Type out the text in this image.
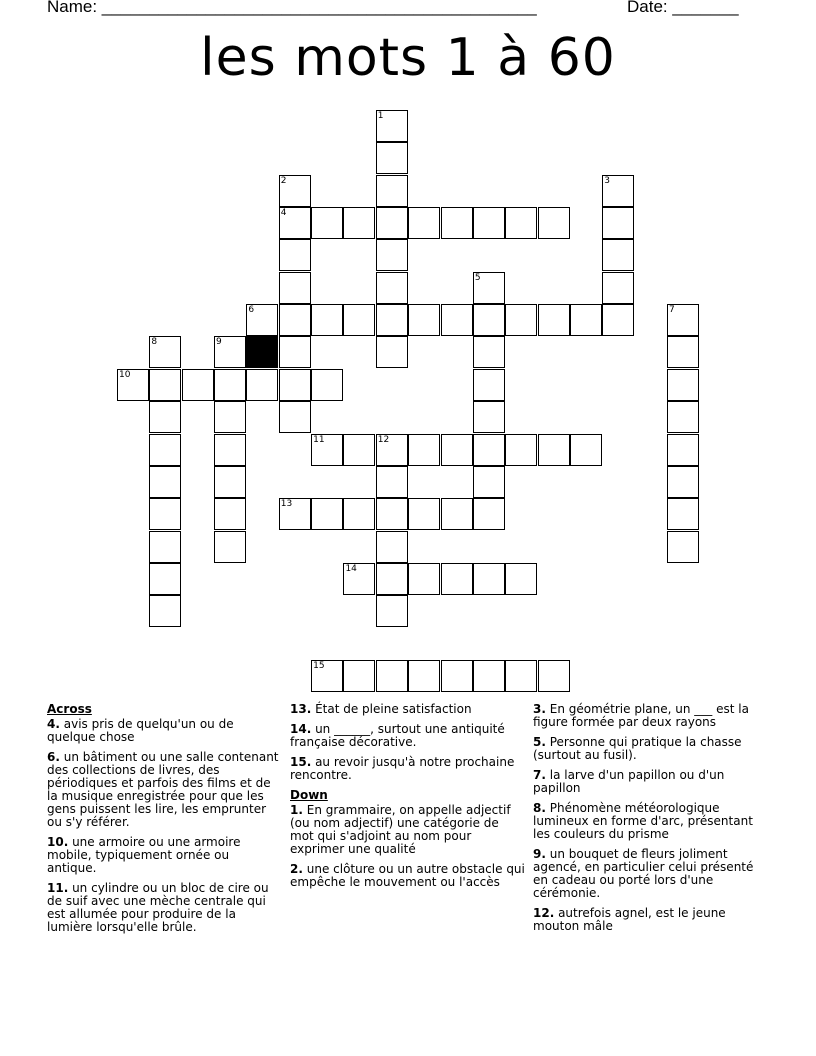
Name: ______________________________________________	Date: _______
les mots 1 à 60
1
2
4
3
5
6	7
8	9
10
11	12
13
14
15
Across
4. avis pris de quelqu'un ou de quelque chose
6. un bâtiment ou une salle contenant des collections de livres, des périodiques et parfois des films et de la musique enregistrée pour que les gens puissent les lire, les emprunter ou s'y référer.
10. une armoire ou une armoire mobile, typiquement ornée ou antique.
11. un cylindre ou un bloc de cire ou de suif avec une mèche centrale qui est allumée pour produire de la lumière lorsqu'elle brûle.
13. État de pleine satisfaction
14. un ______, surtout une antiquité française décorative.
15. au revoir jusqu'à notre prochaine rencontre.
Down
1. En grammaire, on appelle adjectif (ou nom adjectif) une catégorie de mot qui s'adjoint au nom pour exprimer une qualité
2. une clôture ou un autre obstacle qui empêche le mouvement ou l'accès
3. En géométrie plane, un ___ est la figure formée par deux rayons
5. Personne qui pratique la chasse (surtout au fusil).
7. la larve d'un papillon ou d'un papillon
8. Phénomène météorologique lumineux en forme d'arc, présentant les couleurs du prisme
9. un bouquet de fleurs joliment agencé, en particulier celui présenté en cadeau ou porté lors d'une cérémonie.
12. autrefois agnel, est le jeune mouton mâle
